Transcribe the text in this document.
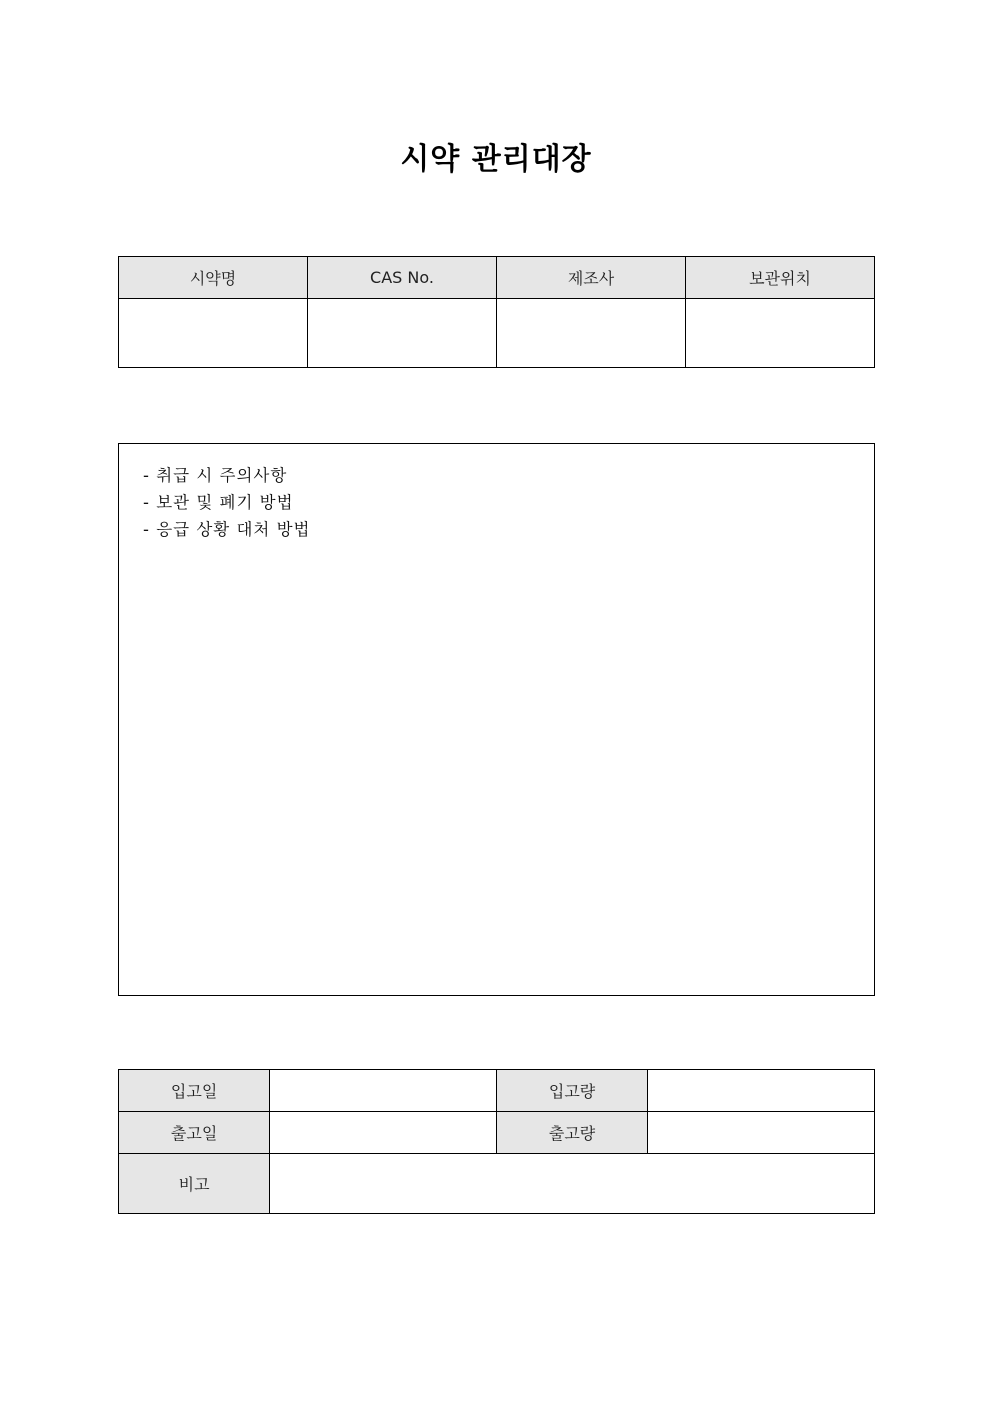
시약 관리대장
시약명	CAS No.	제조사	보관위치

- 취급 시 주의사항
- 보관 및 폐기 방법
- 응급 상황 대처 방법
입고일		입고량	
출고일		출고량	
비고			
